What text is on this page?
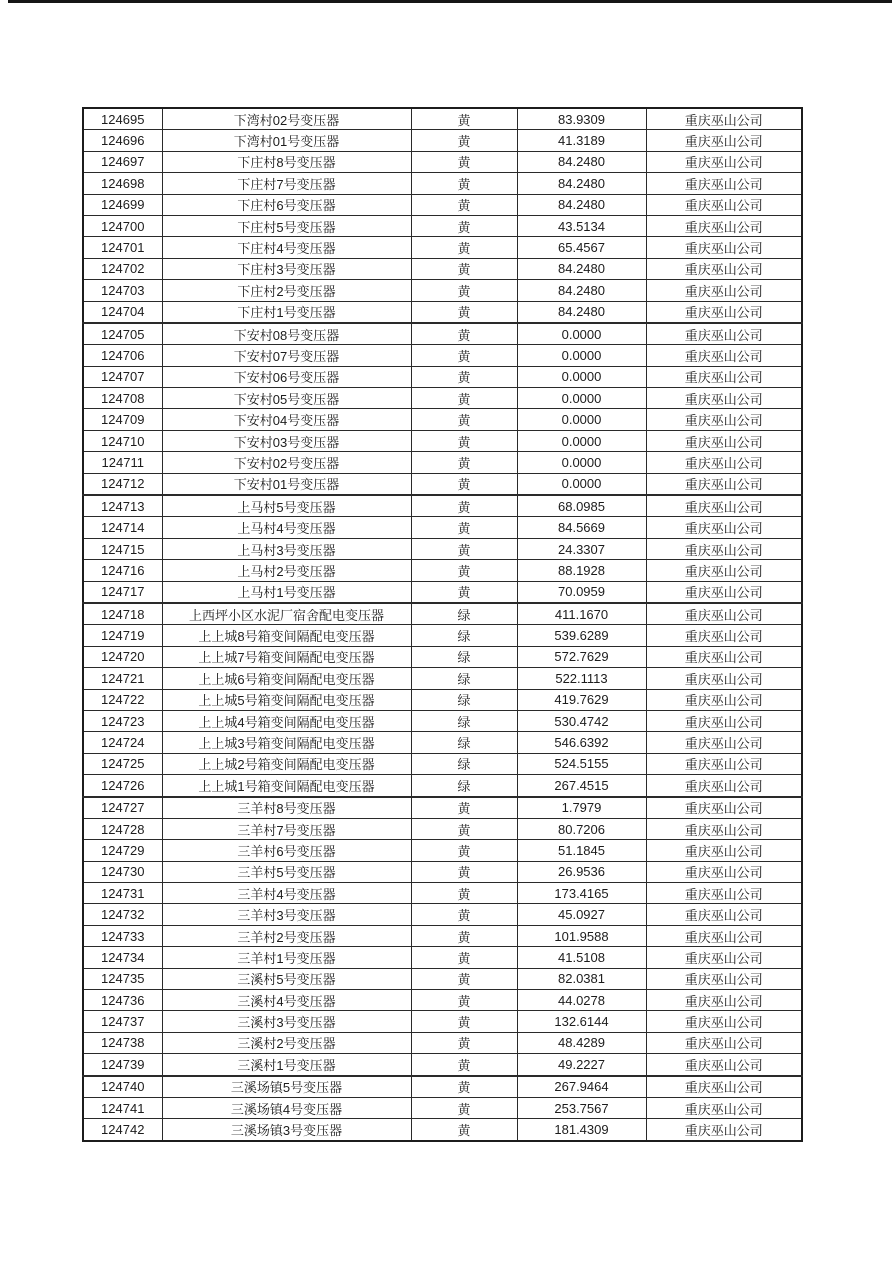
124695	下湾村02号变压器	黄	83.9309	重庆巫山公司
124696	下湾村01号变压器	黄	41.3189	重庆巫山公司
124697	下庄村8号变压器	黄	84.2480	重庆巫山公司
124698	下庄村7号变压器	黄	84.2480	重庆巫山公司
124699	下庄村6号变压器	黄	84.2480	重庆巫山公司
124700	下庄村5号变压器	黄	43.5134	重庆巫山公司
124701	下庄村4号变压器	黄	65.4567	重庆巫山公司
124702	下庄村3号变压器	黄	84.2480	重庆巫山公司
124703	下庄村2号变压器	黄	84.2480	重庆巫山公司
124704	下庄村1号变压器	黄	84.2480	重庆巫山公司
124705	下安村08号变压器	黄	0.0000	重庆巫山公司
124706	下安村07号变压器	黄	0.0000	重庆巫山公司
124707	下安村06号变压器	黄	0.0000	重庆巫山公司
124708	下安村05号变压器	黄	0.0000	重庆巫山公司
124709	下安村04号变压器	黄	0.0000	重庆巫山公司
124710	下安村03号变压器	黄	0.0000	重庆巫山公司
124711	下安村02号变压器	黄	0.0000	重庆巫山公司
124712	下安村01号变压器	黄	0.0000	重庆巫山公司
124713	上马村5号变压器	黄	68.0985	重庆巫山公司
124714	上马村4号变压器	黄	84.5669	重庆巫山公司
124715	上马村3号变压器	黄	24.3307	重庆巫山公司
124716	上马村2号变压器	黄	88.1928	重庆巫山公司
124717	上马村1号变压器	黄	70.0959	重庆巫山公司
124718	上西坪小区水泥厂宿舍配电变压器	绿	411.1670	重庆巫山公司
124719	上上城8号箱变间隔配电变压器	绿	539.6289	重庆巫山公司
124720	上上城7号箱变间隔配电变压器	绿	572.7629	重庆巫山公司
124721	上上城6号箱变间隔配电变压器	绿	522.1113	重庆巫山公司
124722	上上城5号箱变间隔配电变压器	绿	419.7629	重庆巫山公司
124723	上上城4号箱变间隔配电变压器	绿	530.4742	重庆巫山公司
124724	上上城3号箱变间隔配电变压器	绿	546.6392	重庆巫山公司
124725	上上城2号箱变间隔配电变压器	绿	524.5155	重庆巫山公司
124726	上上城1号箱变间隔配电变压器	绿	267.4515	重庆巫山公司
124727	三羊村8号变压器	黄	1.7979	重庆巫山公司
124728	三羊村7号变压器	黄	80.7206	重庆巫山公司
124729	三羊村6号变压器	黄	51.1845	重庆巫山公司
124730	三羊村5号变压器	黄	26.9536	重庆巫山公司
124731	三羊村4号变压器	黄	173.4165	重庆巫山公司
124732	三羊村3号变压器	黄	45.0927	重庆巫山公司
124733	三羊村2号变压器	黄	101.9588	重庆巫山公司
124734	三羊村1号变压器	黄	41.5108	重庆巫山公司
124735	三溪村5号变压器	黄	82.0381	重庆巫山公司
124736	三溪村4号变压器	黄	44.0278	重庆巫山公司
124737	三溪村3号变压器	黄	132.6144	重庆巫山公司
124738	三溪村2号变压器	黄	48.4289	重庆巫山公司
124739	三溪村1号变压器	黄	49.2227	重庆巫山公司
124740	三溪场镇5号变压器	黄	267.9464	重庆巫山公司
124741	三溪场镇4号变压器	黄	253.7567	重庆巫山公司
124742	三溪场镇3号变压器	黄	181.4309	重庆巫山公司
